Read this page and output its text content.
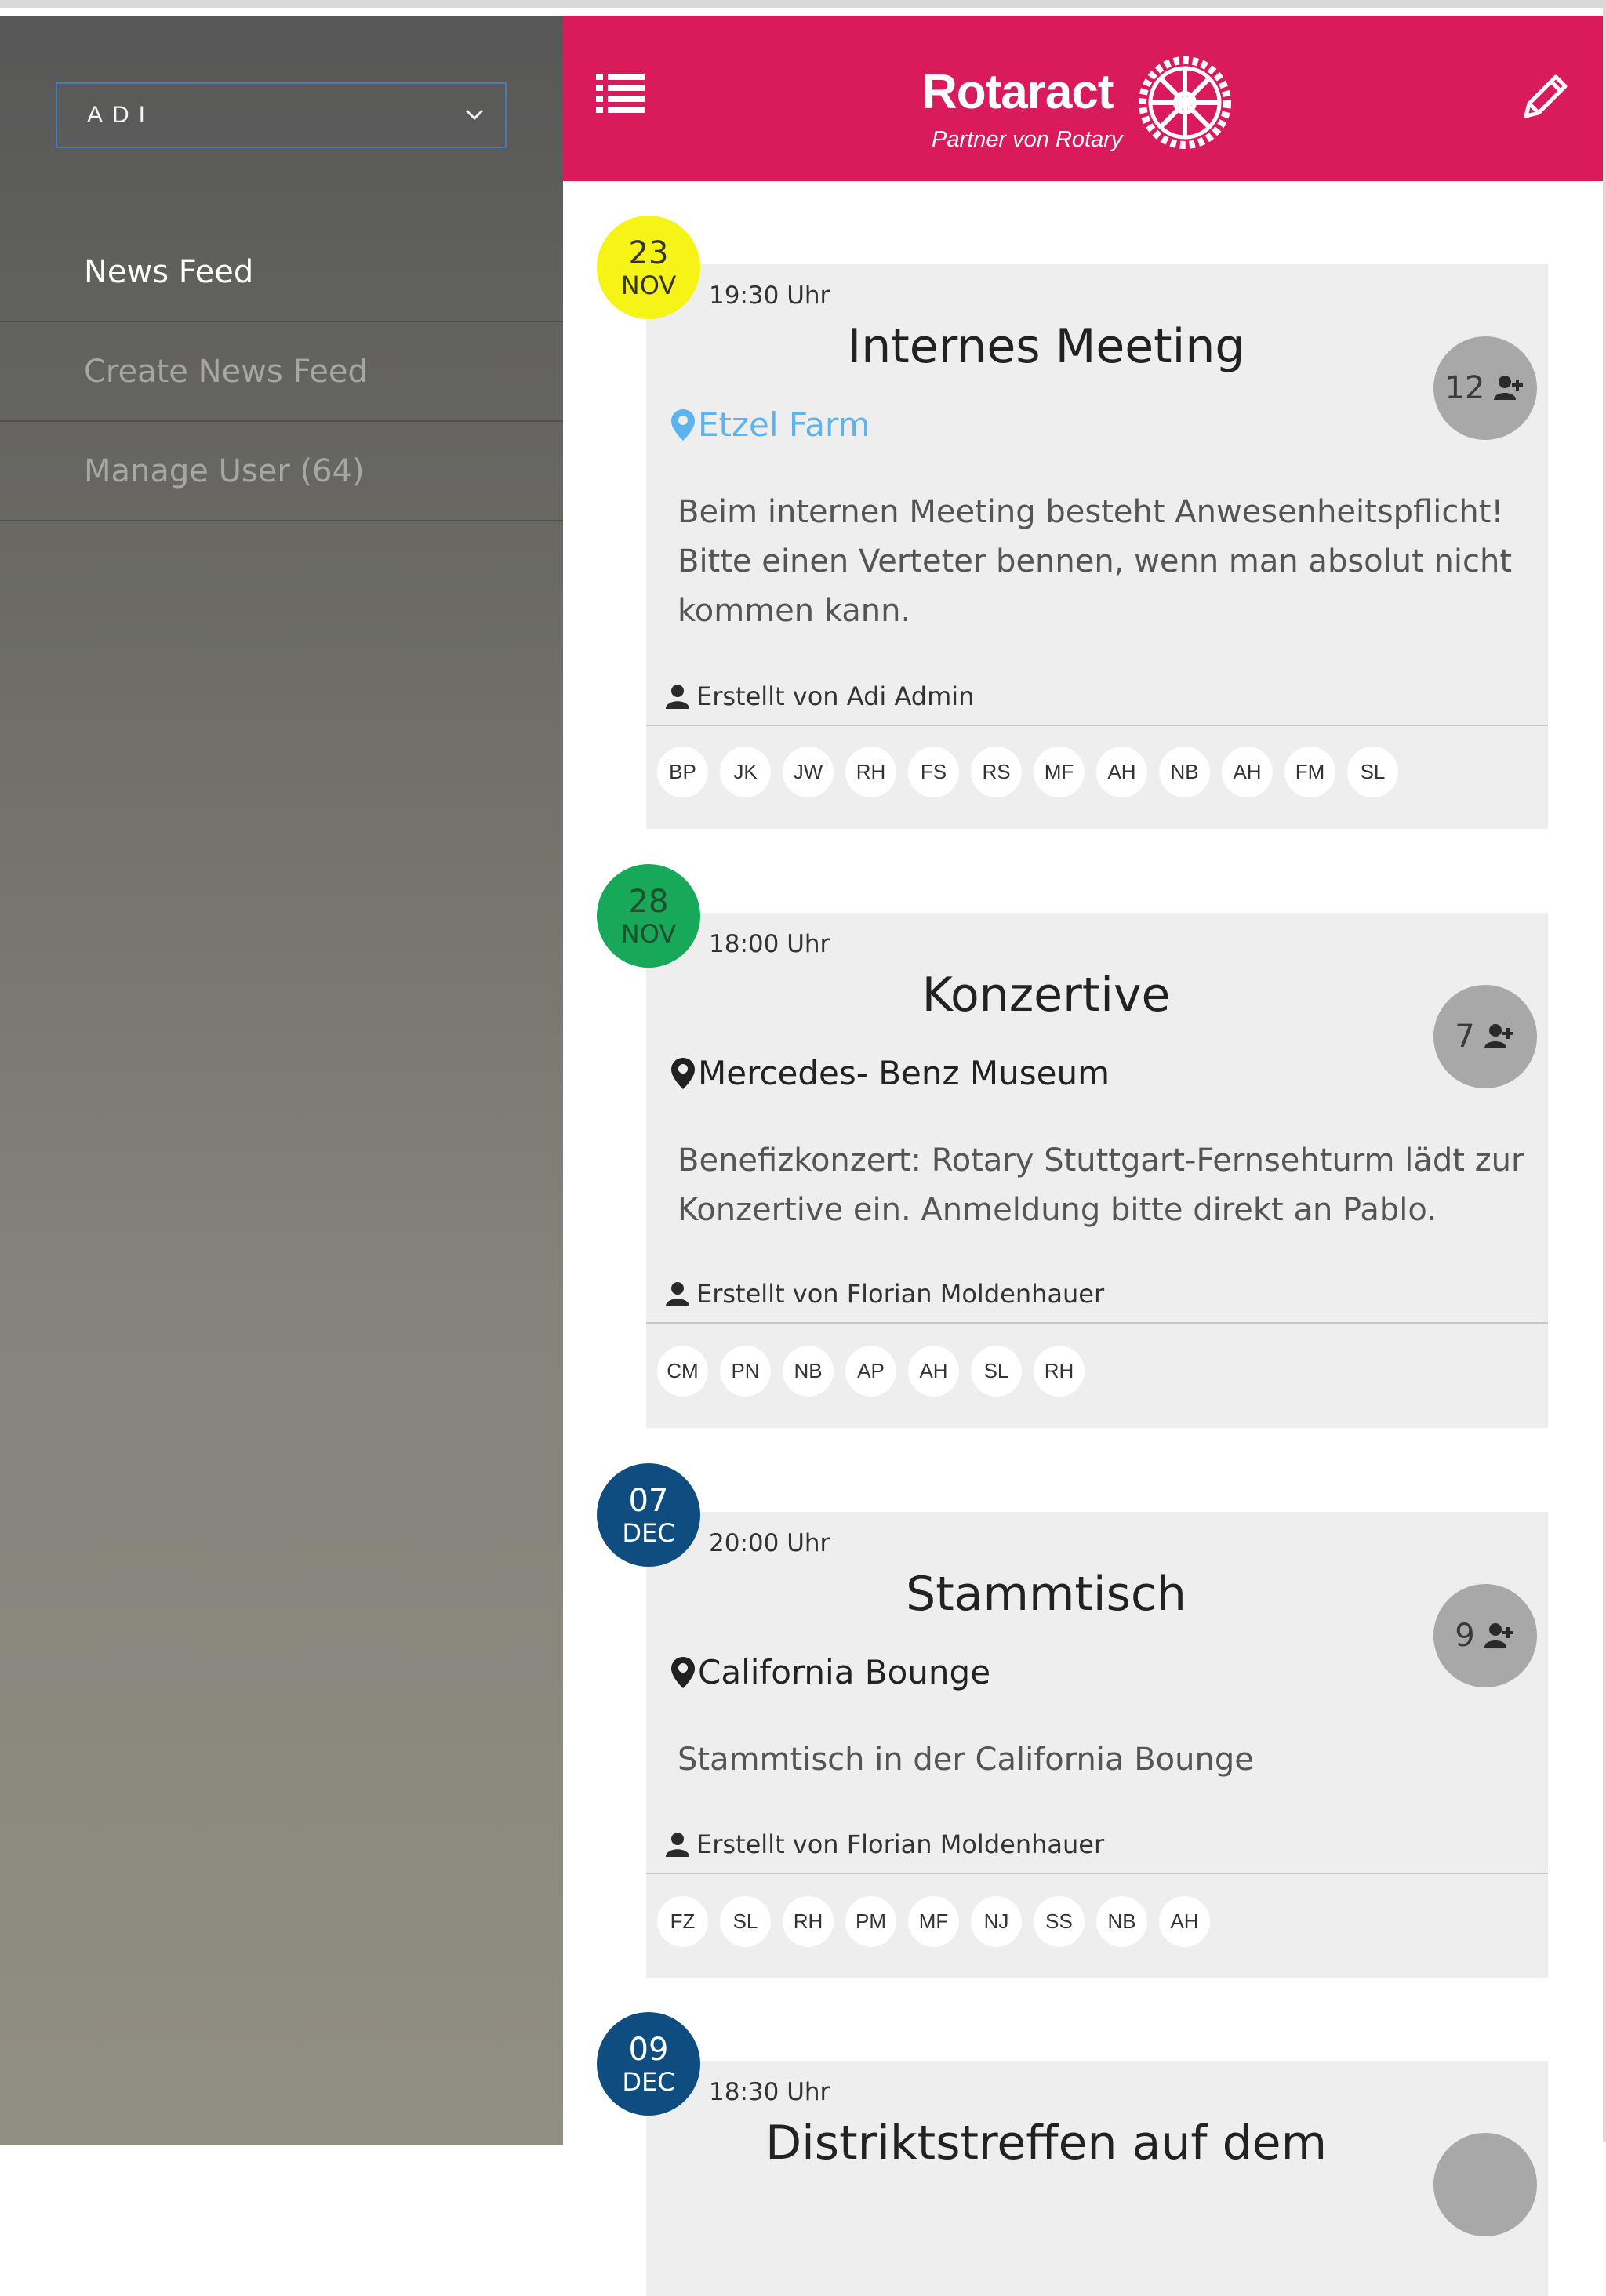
ADI
News Feed
Create News Feed
Manage User (64)
Rotaract
Partner von Rotary
19:30 Uhr
Internes Meeting
12
Etzel Farm

Beim internen Meeting besteht Anwesenheitspflicht! Bitte einen Verteter bennen, wenn man absolut nicht kommen kann.

Erstellt von Adi Admin
BP	JK	JW	RH	FS	RS	MF	AH	NB	AH	FM	SL
23
NOV
18:00 Uhr
Konzertive
7
Mercedes- Benz Museum

Benefizkonzert: Rotary Stuttgart-Fernsehturm lädt zur Konzertive ein. Anmeldung bitte direkt an Pablo.

Erstellt von Florian Moldenhauer
CM	PN	NB	AP	AH	SL	RH
28
NOV
20:00 Uhr
Stammtisch
9
California Bounge

Stammtisch in der California Bounge

Erstellt von Florian Moldenhauer
FZ	SL	RH	PM	MF	NJ	SS	NB	AH
07
DEC
18:30 Uhr
Distriktstreffen auf dem
09
DEC
